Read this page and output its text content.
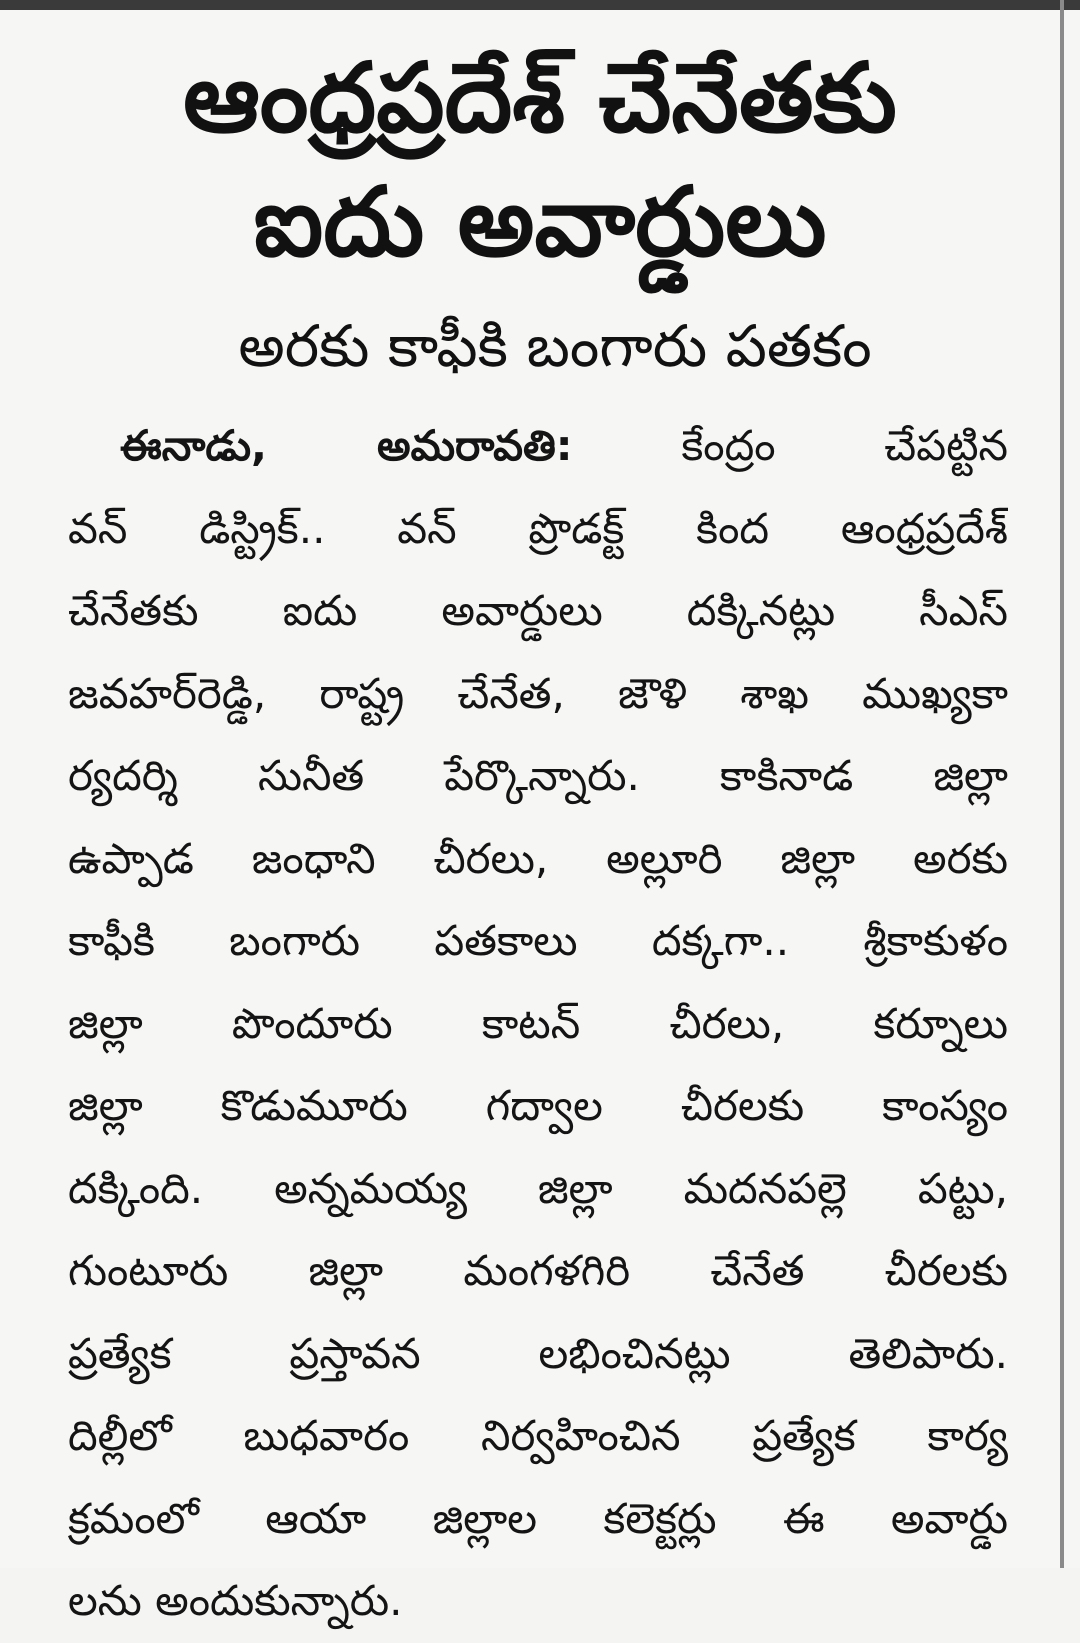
ఆంధ్రప్రదేశ్ చేనేతకు
ఐదు అవార్డులు
అరకు కాఫీకి బంగారు పతకం
ఈనాడు, అమరావతి:	కేంద్రం చేపట్టిన
వన్ డిస్ట్రిక్.. వన్ ప్రొడక్ట్ కింద ఆంధ్రప్రదేశ్
చేనేతకు ఐదు అవార్డులు దక్కినట్లు సీఎస్
జవహర్‌రెడ్డి, రాష్ట్ర చేనేత, జౌళి శాఖ ముఖ్యకా
ర్యదర్శి సునీత పేర్కొన్నారు. కాకినాడ జిల్లా
ఉప్పాడ జంధాని చీరలు, అల్లూరి జిల్లా అరకు
కాఫీకి బంగారు పతకాలు దక్కగా.. శ్రీకాకుళం
జిల్లా పొందూరు కాటన్ చీరలు, కర్నూలు
జిల్లా కొడుమూరు గద్వాల చీరలకు కాంస్యం
దక్కింది. అన్నమయ్య జిల్లా మదనపల్లె పట్టు,
గుంటూరు జిల్లా మంగళగిరి చేనేత చీరలకు
ప్రత్యేక ప్రస్తావన లభించినట్లు తెలిపారు.
దిల్లీలో బుధవారం నిర్వహించిన ప్రత్యేక కార్య
క్రమంలో ఆయా జిల్లాల కలెక్టర్లు ఈ అవార్డు
లను అందుకున్నారు.
